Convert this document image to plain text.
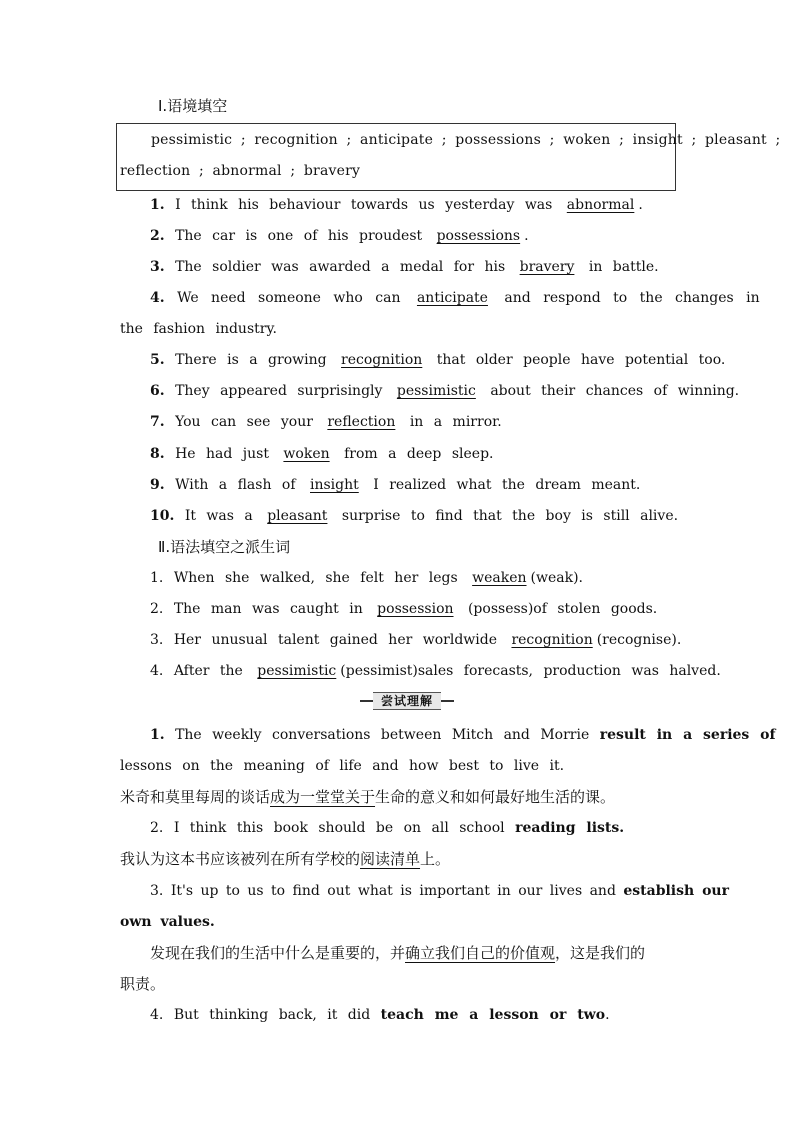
Ⅰ.语境填空
pessimistic ; recognition ; anticipate ; possessions ; woken ; insight ; pleasant ;
reflection ; abnormal ; bravery
1. I think his behaviour towards us yesterday was abnormal .
2. The car is one of his proudest possessions .
3. The soldier was awarded a medal for his bravery in battle.
4. We need someone who can anticipate and respond to the changes in
the fashion industry.
5. There is a growing recognition that older people have potential too.
6. They appeared surprisingly pessimistic about their chances of winning.
7. You can see your reflection in a mirror.
8. He had just woken from a deep sleep.
9. With a flash of insight I realized what the dream meant.
10. It was a pleasant surprise to find that the boy is still alive.
Ⅱ.语法填空之派生词
1. When she walked, she felt her legs weaken (weak).
2. The man was caught in possession (possess)of stolen goods.
3. Her unusual talent gained her worldwide recognition (recognise).
4. After the pessimistic (pessimist)sales forecasts, production was halved.
尝试理解
1. The weekly conversations between Mitch and Morrie result in a series of
lessons on the meaning of life and how best to live it.
米奇和莫里每周的谈话成为一堂堂关于生命的意义和如何最好地生活的课。
2. I think this book should be on all school reading lists.
我认为这本书应该被列在所有学校的阅读清单上。
3. It's up to us to find out what is important in our lives and establish our
own values.
发现在我们的生活中什么是重要的，并确立我们自己的价值观，这是我们的
职责。
4. But thinking back, it did teach me a lesson or two.
